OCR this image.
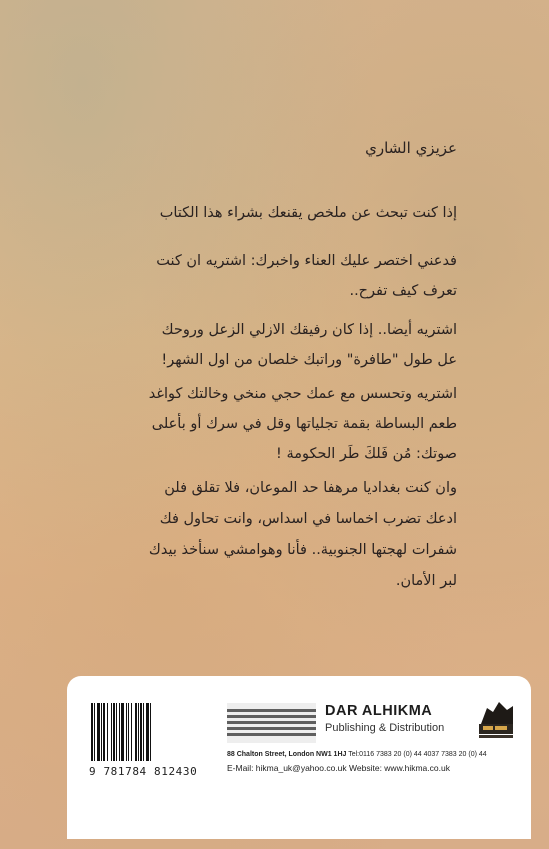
عزيزي الشاري

إذا كنت تبحث عن ملخص يقنعك بشراء هذا الكتاب

فدعني اختصر عليك العناء واخبرك: اشتريه ان كنت

تعرف كيف تفرح..

اشتريه أيضا.. إذا كان رفيقك الازلي الزعل وروحك

عل طول "طافرة" وراتبك خلصان من اول الشهر!

اشتريه وتحسس مع عمك حجي منخي وخالتك كواغد

طعم البساطة بقمة تجلياتها وقل في سرك أو بأعلى

صوتك: مُن فَلكَ طَر الحكومة !

وان كنت بغداديا مرهفا حد الموعان، فلا تقلق فلن

ادعك تضرب اخماسا في اسداس، وانت تحاول فك

شفرات لهجتها الجنوبية.. فأنا وهوامشي سنأخذ بيدك

لبر الأمان.

9 781784 812430
DAR ALHIKMA
Publishing & Distribution
88 Chalton Street, London NW1 1HJ Tel:0116 7383 20 (0) 44 4037 7383 20 (0) 44
E-Mail: hikma_uk@yahoo.co.uk Website: www.hikma.co.uk
